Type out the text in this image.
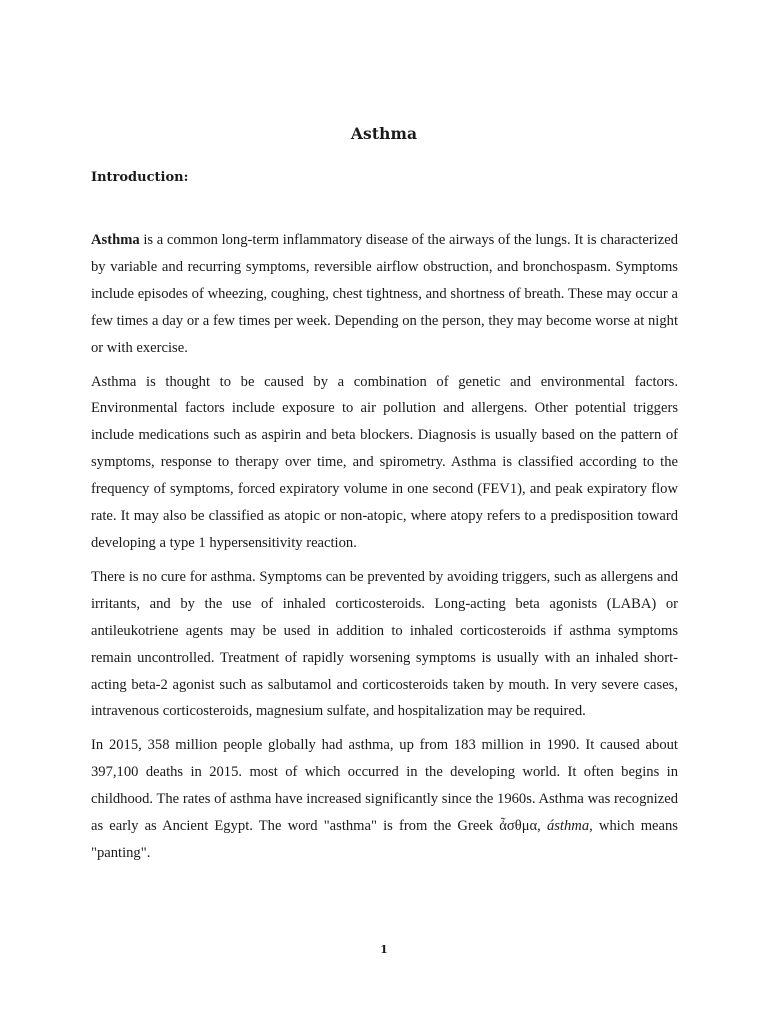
Asthma
Introduction:

Asthma is a common long-term inflammatory disease of the airways of the lungs. It is characterized by variable and recurring symptoms, reversible airflow obstruction, and bronchospasm. Symptoms include episodes of wheezing, coughing, chest tightness, and shortness of breath. These may occur a few times a day or a few times per week. Depending on the person, they may become worse at night or with exercise.

Asthma is thought to be caused by a combination of genetic and environmental factors. Environmental factors include exposure to air pollution and allergens. Other potential triggers include medications such as aspirin and beta blockers. Diagnosis is usually based on the pattern of symptoms, response to therapy over time, and spirometry. Asthma is classified according to the frequency of symptoms, forced expiratory volume in one second (FEV1), and peak expiratory flow rate. It may also be classified as atopic or non-atopic, where atopy refers to a predisposition toward developing a type 1 hypersensitivity reaction.

There is no cure for asthma. Symptoms can be prevented by avoiding triggers, such as allergens and irritants, and by the use of inhaled corticosteroids. Long-acting beta agonists (LABA) or antileukotriene agents may be used in addition to inhaled corticosteroids if asthma symptoms remain uncontrolled. Treatment of rapidly worsening symptoms is usually with an inhaled short-acting beta-2 agonist such as salbutamol and corticosteroids taken by mouth. In very severe cases, intravenous corticosteroids, magnesium sulfate, and hospitalization may be required.

In 2015, 358 million people globally had asthma, up from 183 million in 1990. It caused about 397,100 deaths in 2015. most of which occurred in the developing world. It often begins in childhood. The rates of asthma have increased significantly since the 1960s. Asthma was recognized as early as Ancient Egypt. The word "asthma" is from the Greek ἆσθμα, ásthma, which means "panting".

1
